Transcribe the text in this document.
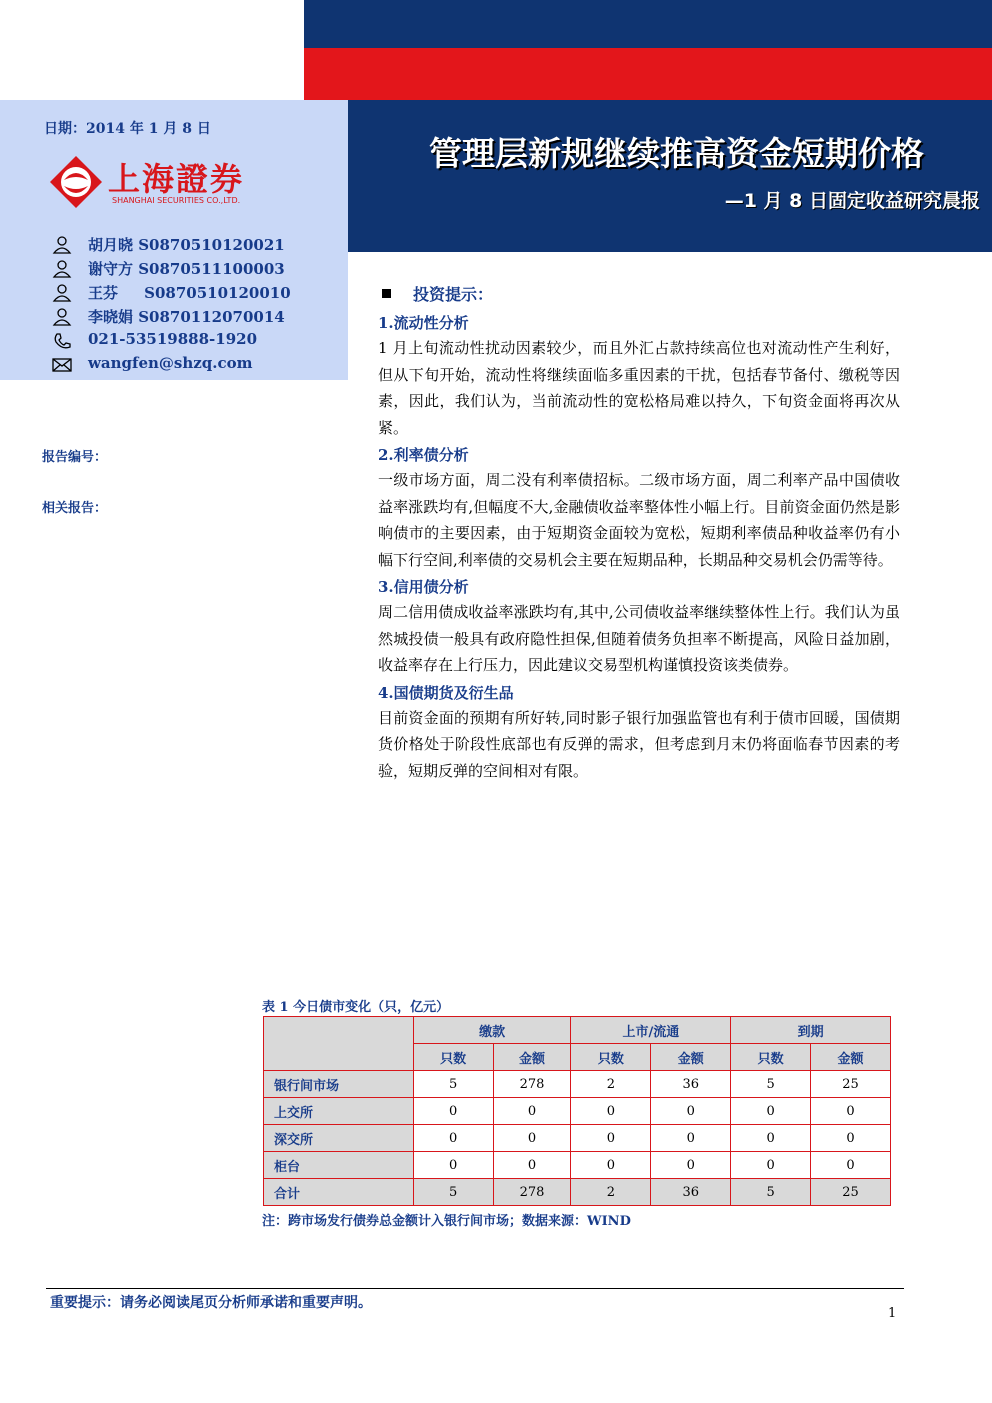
管理层新规继续推高资金短期价格
—1 月 8 日固定收益研究晨报
日期：2014 年 1 月 8 日
上海證券
SHANGHAI SECURITIES CO.,LTD.
胡月晓 S0870510120021
谢守方 S0870511100003
王芬     S0870510120010
李晓娟 S0870112070014
021-53519888-1920
wangfen@shzq.com
报告编号：
相关报告：
投资提示：
1.流动性分析
1 月上旬流动性扰动因素较少，而且外汇占款持续高位也对流动性产生利好，但从下旬开始，流动性将继续面临多重因素的干扰，包括春节备付、缴税等因素，因此，我们认为，当前流动性的宽松格局难以持久，下旬资金面将再次从紧。
2.利率债分析
一级市场方面，周二没有利率债招标。二级市场方面，周二利率产品中国债收益率涨跌均有,但幅度不大,金融债收益率整体性小幅上行。目前资金面仍然是影响债市的主要因素，由于短期资金面较为宽松，短期利率债品种收益率仍有小幅下行空间,利率债的交易机会主要在短期品种，长期品种交易机会仍需等待。
3.信用债分析
周二信用债成收益率涨跌均有,其中,公司债收益率继续整体性上行。我们认为虽然城投债一般具有政府隐性担保,但随着债务负担率不断提高，风险日益加剧，收益率存在上行压力，因此建议交易型机构谨慎投资该类债券。
4.国债期货及衍生品
目前资金面的预期有所好转,同时影子银行加强监管也有利于债市回暖，国债期货价格处于阶段性底部也有反弹的需求，但考虑到月末仍将面临春节因素的考验，短期反弹的空间相对有限。
表 1 今日债市变化（只，亿元）
	缴款		上市/流通		到期	
	只数	金额	只数	金额	只数	金额
银行间市场	5	278	2	36	5	25
上交所	0	0	0	0	0	0
深交所	0	0	0	0	0	0
柜台	0	0	0	0	0	0
合计	5	278	2	36	5	25
注：跨市场发行债券总金额计入银行间市场；数据来源：WIND
重要提示：请务必阅读尾页分析师承诺和重要声明。
1
